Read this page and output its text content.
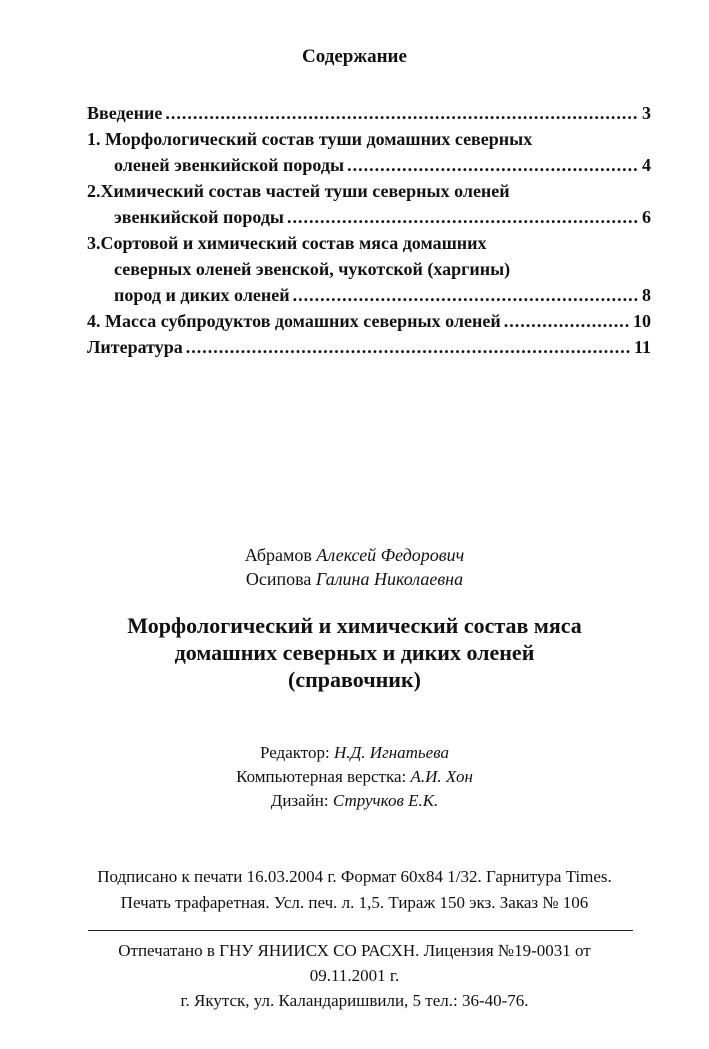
Содержание
Введение .....	3
1. Морфологический состав туши домашних северных
оленей эвенкийской породы .....	4
2.Химический состав частей туши северных оленей
эвенкийской породы .....	6
3.Сортовой и химический состав мяса домашних
северных оленей эвенской, чукотской (харгины)
пород и диких оленей .....	8
4. Масса субпродуктов домашних северных оленей .....	10
Литература .....	11
Абрамов Алексей Федорович
Осипова Галина Николаевна
Морфологический и химический состав мяса
домашних северных и диких оленей
(справочник)
Редактор: Н.Д. Игнатьева
Компьютерная верстка: А.И. Хон
Дизайн: Стручков Е.К.
Подписано к печати 16.03.2004 г. Формат 60x84 1/32. Гарнитура Times.
Печать трафаретная. Усл. печ. л. 1,5. Тираж 150 экз. Заказ № 106
Отпечатано в ГНУ ЯНИИСХ СО РАСХН. Лицензия №19-0031 от
09.11.2001 г.
г. Якутск, ул. Каландаришвили, 5 тел.: 36-40-76.
